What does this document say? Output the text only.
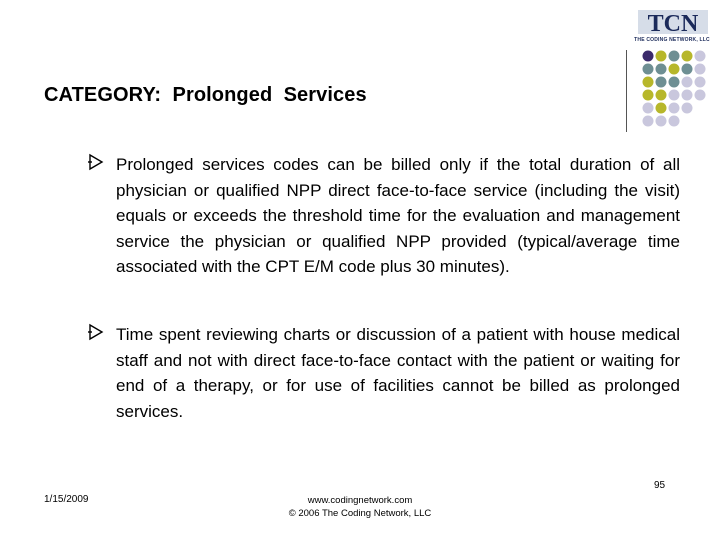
TCN
THE CODING NETWORK, LLC
CATEGORY:  Prolonged  Services
Prolonged services codes can be billed only if the total duration of all physician or qualified NPP direct face-to-face service (including the visit) equals or exceeds the threshold time for the evaluation and management service the physician or qualified NPP provided (typical/average time associated with the CPT E/M code plus 30 minutes).
Time spent reviewing charts or discussion of a patient with house medical staff and not with direct face-to-face contact with the patient or waiting for end of a therapy, or for use of facilities cannot be billed as prolonged services.
1/15/2009	www.codingnetwork.com
© 2006 The Coding Network, LLC
95
